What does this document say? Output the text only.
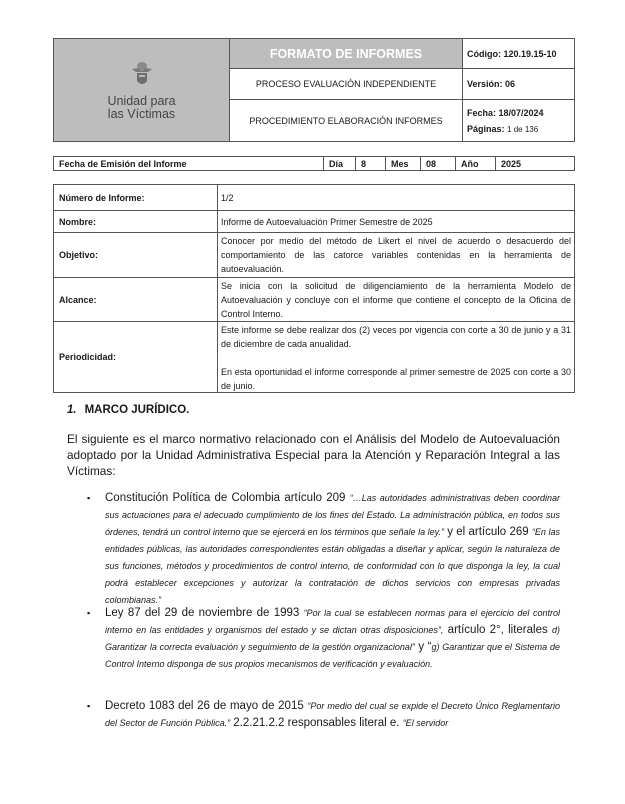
Unidad para
las Víctimas
FORMATO DE INFORMES
PROCESO EVALUACIÓN INDEPENDIENTE
PROCEDIMIENTO ELABORACIÓN INFORMES
Código: 120.19.15-10
Versión: 06
Fecha: 18/07/2024
Páginas: 1 de 136
Fecha de Emisión del Informe	Día	8	Mes	08	Año	2025
Número de Informe:	1/2
Nombre:	Informe de Autoevaluación Primer Semestre de 2025
Objetivo:
Conocer por medio del método de Likert el nivel de acuerdo o desacuerdo del comportamiento de las catorce variables contenidas en la herramienta de autoevaluación.
Alcance:
Se inicia con la solicitud de diligenciamiento de la herramienta Modelo de Autoevaluación y concluye con el informe que contiene el concepto de la Oficina de Control Interno.
Periodicidad:
Este informe se debe realizar dos (2) veces por vigencia con corte a 30 de junio y a 31 de diciembre de cada anualidad.
En esta oportunidad el informe corresponde al primer semestre de 2025 con corte a 30 de junio.
1. MARCO JURÍDICO.
El siguiente es el marco normativo relacionado con el Análisis del Modelo de Autoevaluación adoptado por la Unidad Administrativa Especial para la Atención y Reparación Integral a las Víctimas:
▪	Constitución Política de Colombia artículo 209 “…Las autoridades administrativas deben coordinar sus actuaciones para el adecuado cumplimiento de los fines del Estado. La administración pública, en todos sus órdenes, tendrá un control interno que se ejercerá en los términos que señale la ley.” y el artículo 269 “En las entidades públicas, las autoridades correspondientes están obligadas a diseñar y aplicar, según la naturaleza de sus funciones, métodos y procedimientos de control interno, de conformidad con lo que disponga la ley, la cual podrá establecer excepciones y autorizar la contratación de dichos servicios con empresas privadas colombianas.”
▪	Ley 87 del 29 de noviembre de 1993 “Por la cual se establecen normas para el ejercicio del control interno en las entidades y organismos del estado y se dictan otras disposiciones”, artículo 2°, literales d) Garantizar la correcta evaluación y seguimiento de la gestión organizacional” y “g) Garantizar que el Sistema de Control Interno disponga de sus propios mecanismos de verificación y evaluación.
▪	Decreto 1083 del 26 de mayo de 2015 “Por medio del cual se expide el Decreto Único Reglamentario del Sector de Función Pública.” 2.2.21.2.2 responsables literal e. “El servidor
